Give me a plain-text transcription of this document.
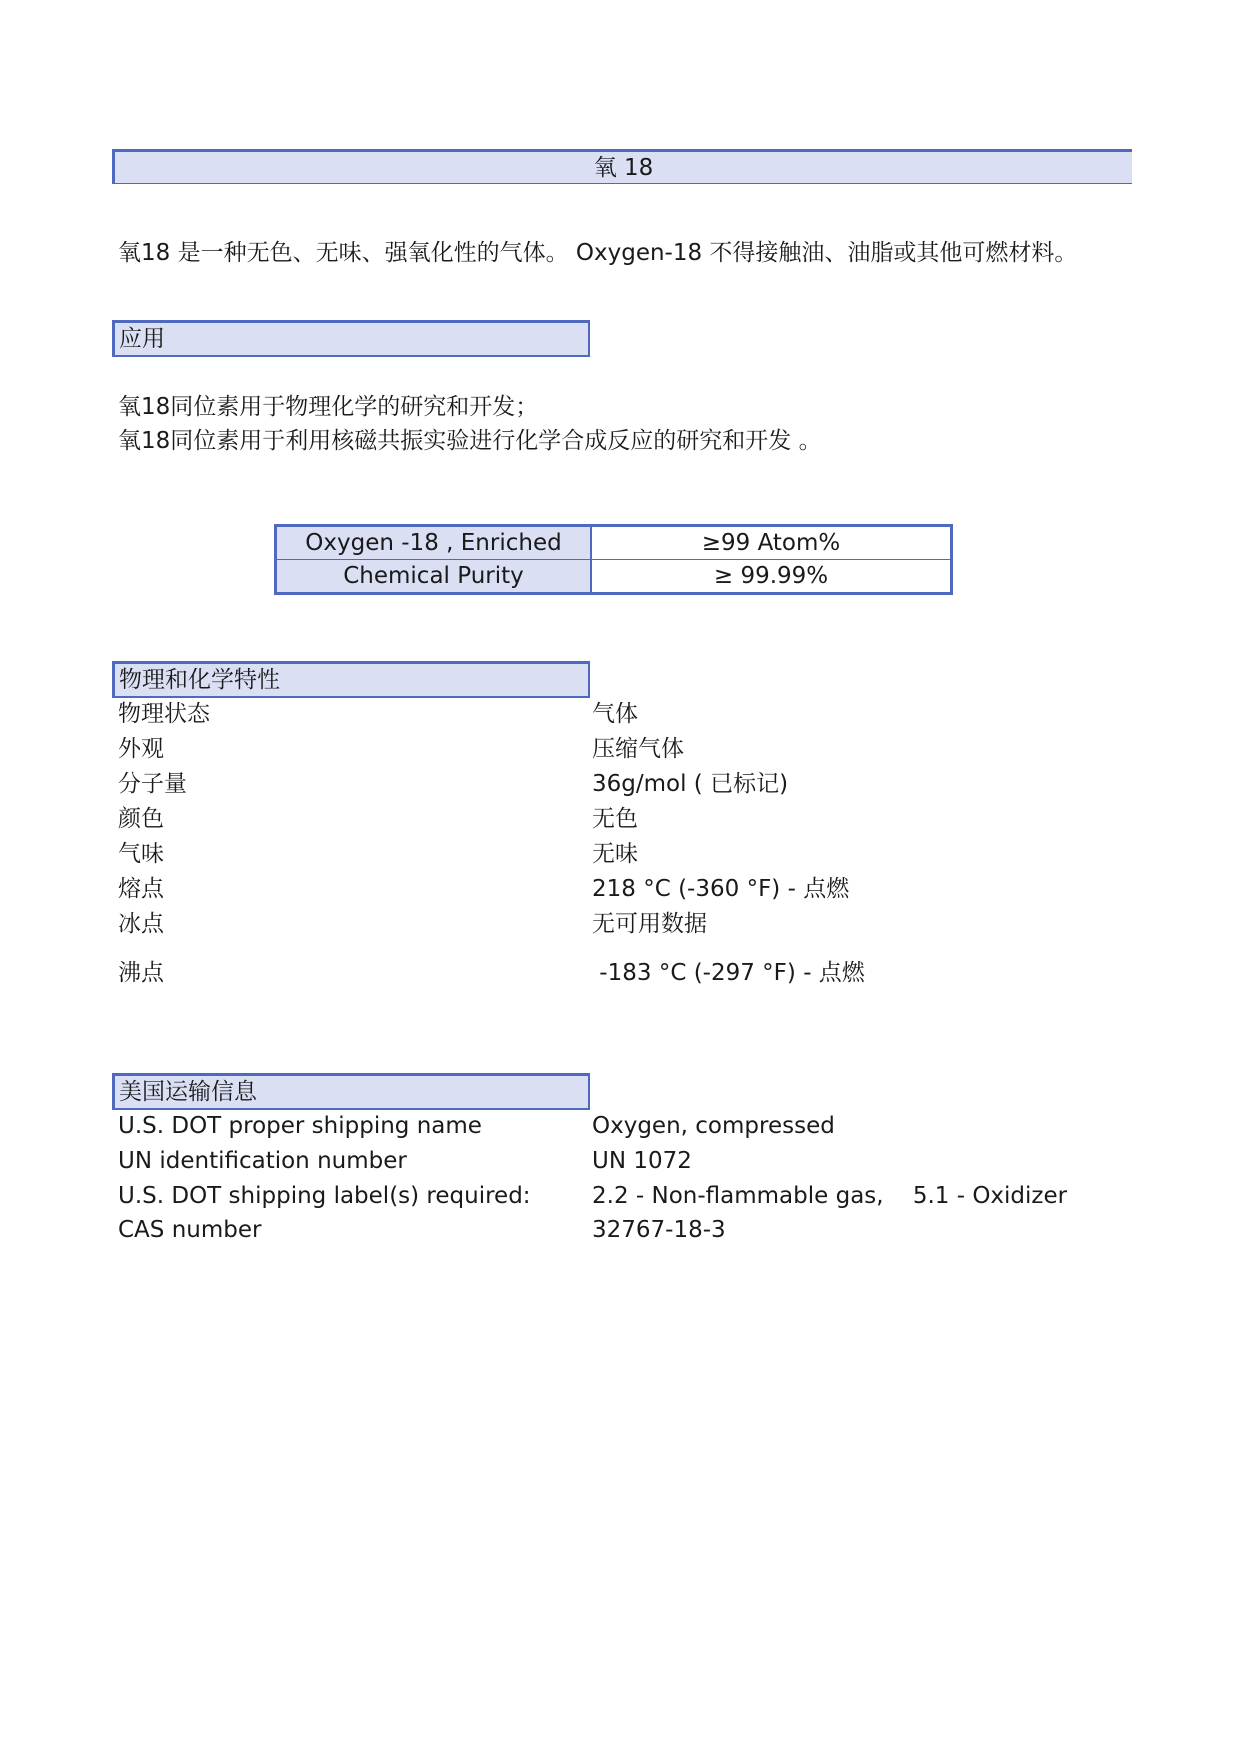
氧 18
氧18 是一种无色、无味、强氧化性的气体。 Oxygen-18 不得接触油、油脂或其他可燃材料。
应用
氧18同位素用于物理化学的研究和开发；
氧18同位素用于利用核磁共振实验进行化学合成反应的研究和开发 。
Oxygen -18 , Enriched	≥99 Atom%
Chemical Purity	≥ 99.99%
物理和化学特性
物理状态	气体
外观	压缩气体
分子量	36g/mol ( 已标记)
颜色	无色
气味	无味
熔点	218 °C (-360 °F) - 点燃
冰点	无可用数据
沸点	-183 °C (-297 °F) - 点燃
美国运输信息
U.S. DOT proper shipping name	Oxygen, compressed
UN identification number	UN 1072
U.S. DOT shipping label(s) required:	2.2 - Non-flammable gas,    5.1 - Oxidizer
CAS number	32767-18-3
